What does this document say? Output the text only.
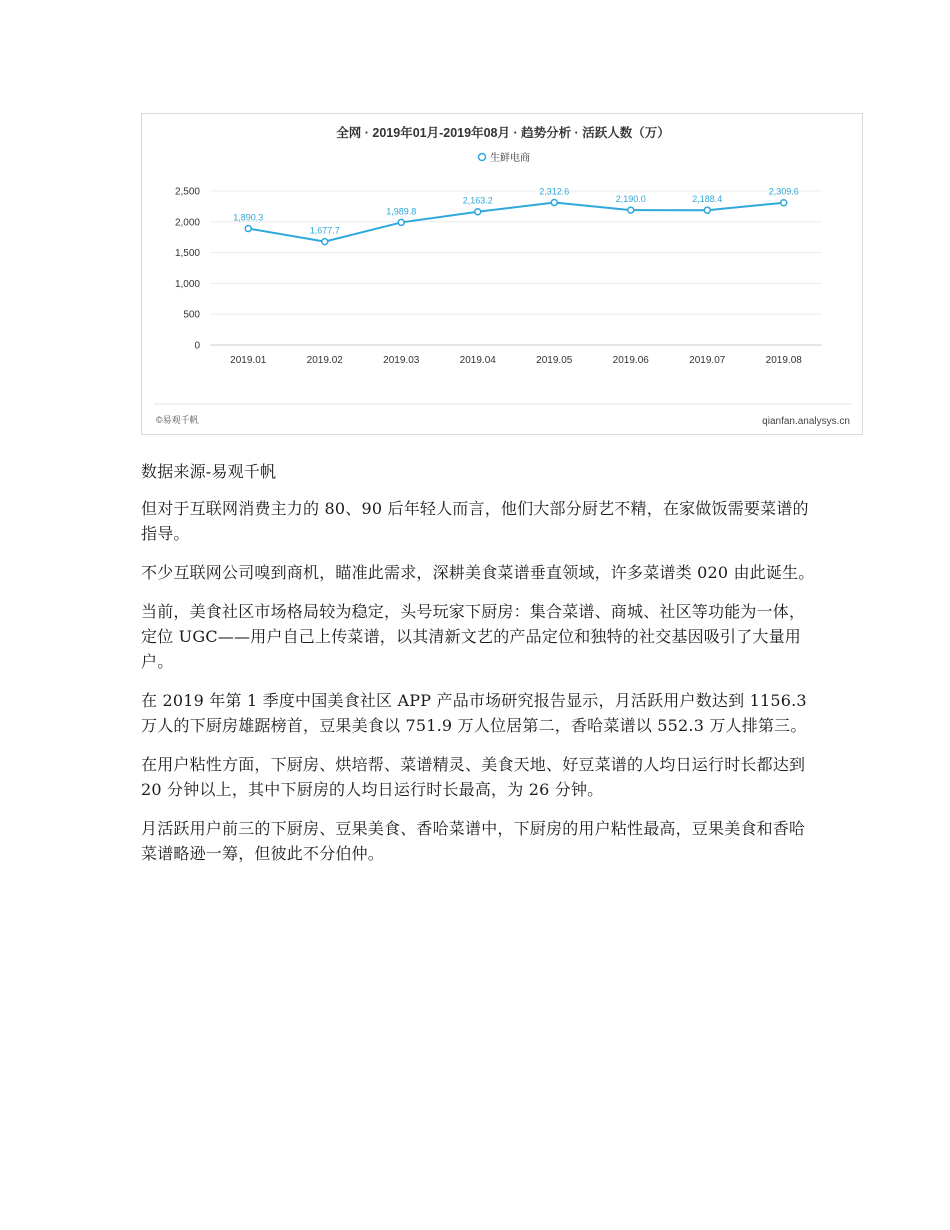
全网 · 2019年01月-2019年08月 · 趋势分析 · 活跃人数（万）
生鲜电商
0
500
1,000
1,500
2,000
2,500
2019.01	2019.02	2019.03	2019.04	2019.05	2019.06	2019.07	2019.08
1,890.3
1,677.7
1,989.8
2,163.2
2,312.6
2,190.0	2,188.4
2,309.6
©易观千帆	qianfan.analysys.cn

数据来源-易观千帆

但对于互联网消费主力的 80、90 后年轻人而言，他们大部分厨艺不精，在家做饭需要菜谱的指导。

不少互联网公司嗅到商机，瞄准此需求，深耕美食菜谱垂直领域，许多菜谱类 020 由此诞生。

当前，美食社区市场格局较为稳定，头号玩家下厨房：集合菜谱、商城、社区等功能为一体，定位 UGC——用户自己上传菜谱，以其清新文艺的产品定位和独特的社交基因吸引了大量用户。

在 2019 年第 1 季度中国美食社区 APP 产品市场研究报告显示，月活跃用户数达到 1156.3 万人的下厨房雄踞榜首，豆果美食以 751.9 万人位居第二，香哈菜谱以 552.3 万人排第三。

在用户粘性方面，下厨房、烘培帮、菜谱精灵、美食天地、好豆菜谱的人均日运行时长都达到 20 分钟以上，其中下厨房的人均日运行时长最高，为 26 分钟。

月活跃用户前三的下厨房、豆果美食、香哈菜谱中，下厨房的用户粘性最高，豆果美食和香哈菜谱略逊一筹，但彼此不分伯仲。
